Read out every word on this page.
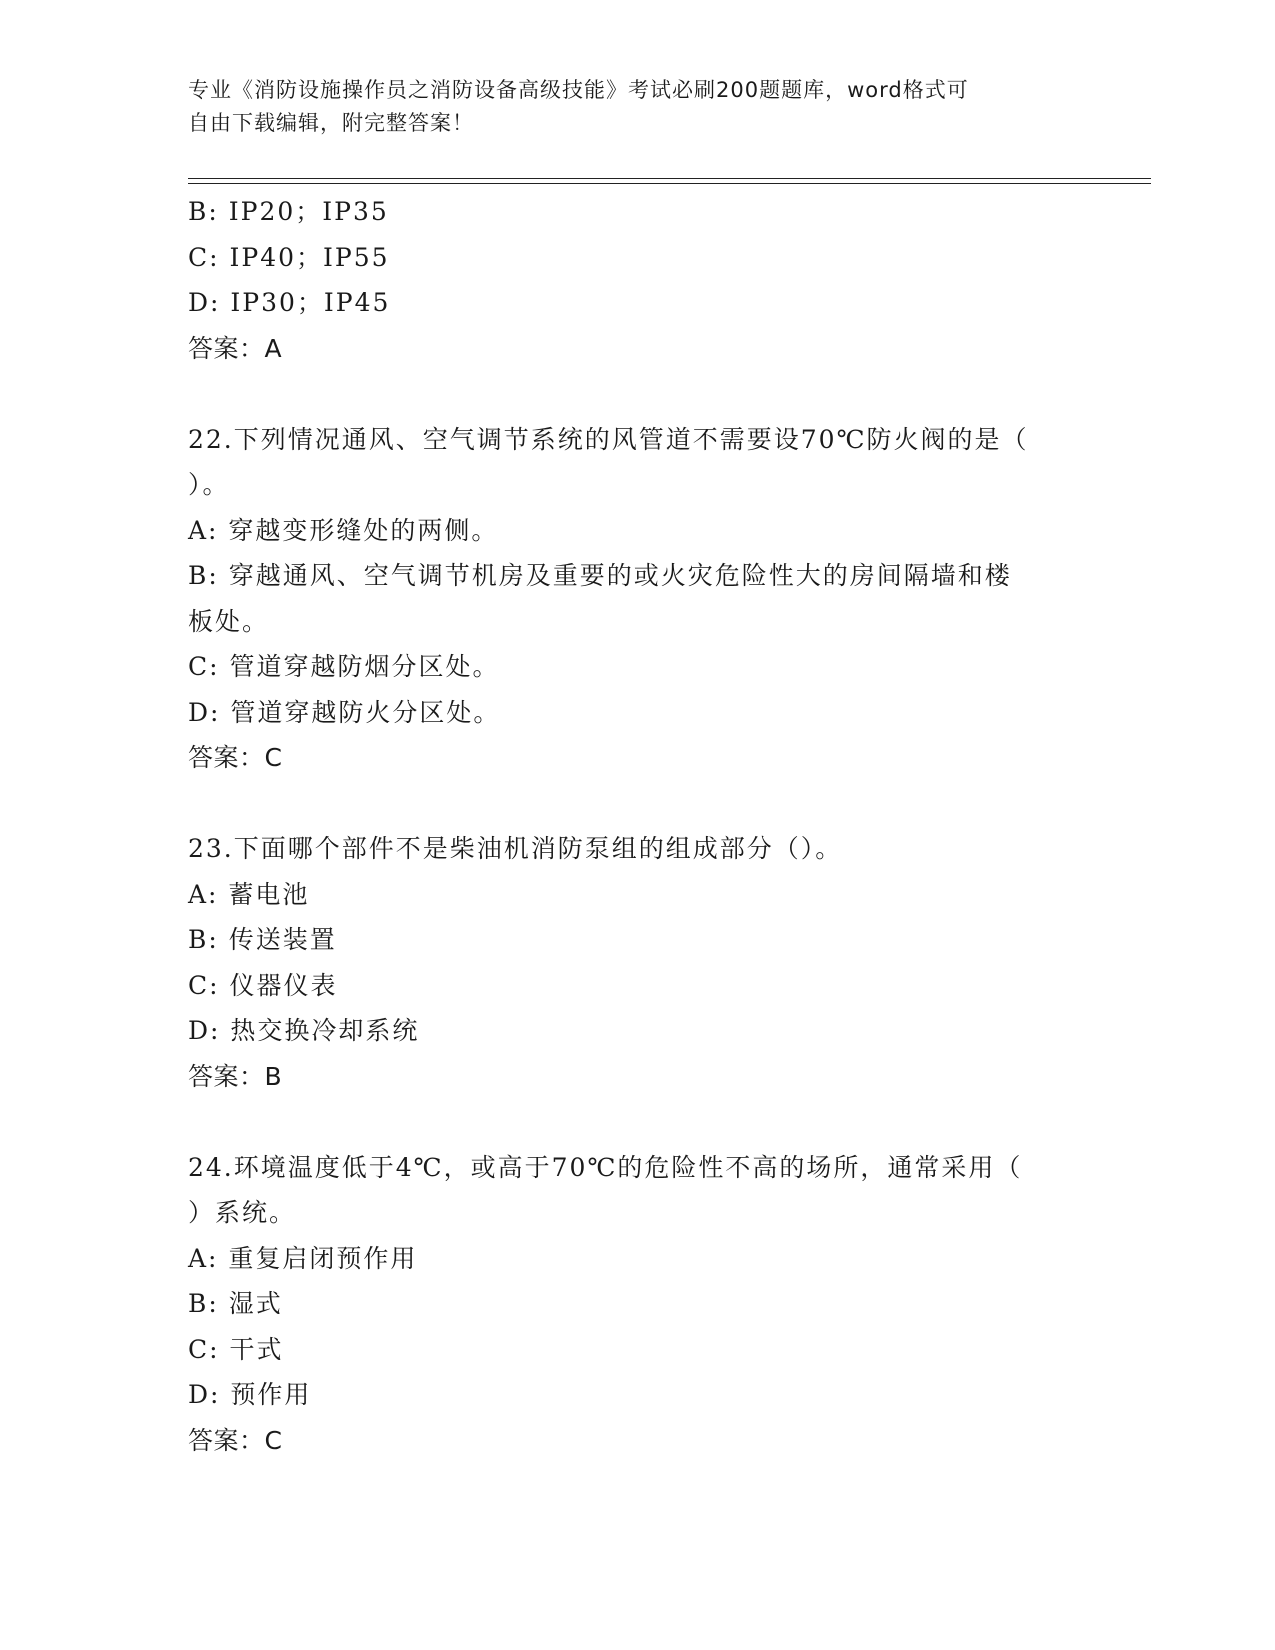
专业《消防设施操作员之消防设备高级技能》考试必刷200题题库，word格式可
自由下载编辑，附完整答案！
B: IP20；IP35
C: IP40；IP55
D: IP30；IP45
答案：A
22.下列情况通风、空气调节系统的风管道不需要设70℃防火阀的是（
）。
A: 穿越变形缝处的两侧。
B: 穿越通风、空气调节机房及重要的或火灾危险性大的房间隔墙和楼
板处。
C: 管道穿越防烟分区处。
D: 管道穿越防火分区处。
答案：C
23.下面哪个部件不是柴油机消防泵组的组成部分（）。
A: 蓄电池
B: 传送装置
C: 仪器仪表
D: 热交换冷却系统
答案：B
24.环境温度低于4℃，或高于70℃的危险性不高的场所，通常采用（
）系统。
A: 重复启闭预作用
B: 湿式
C: 干式
D: 预作用
答案：C
